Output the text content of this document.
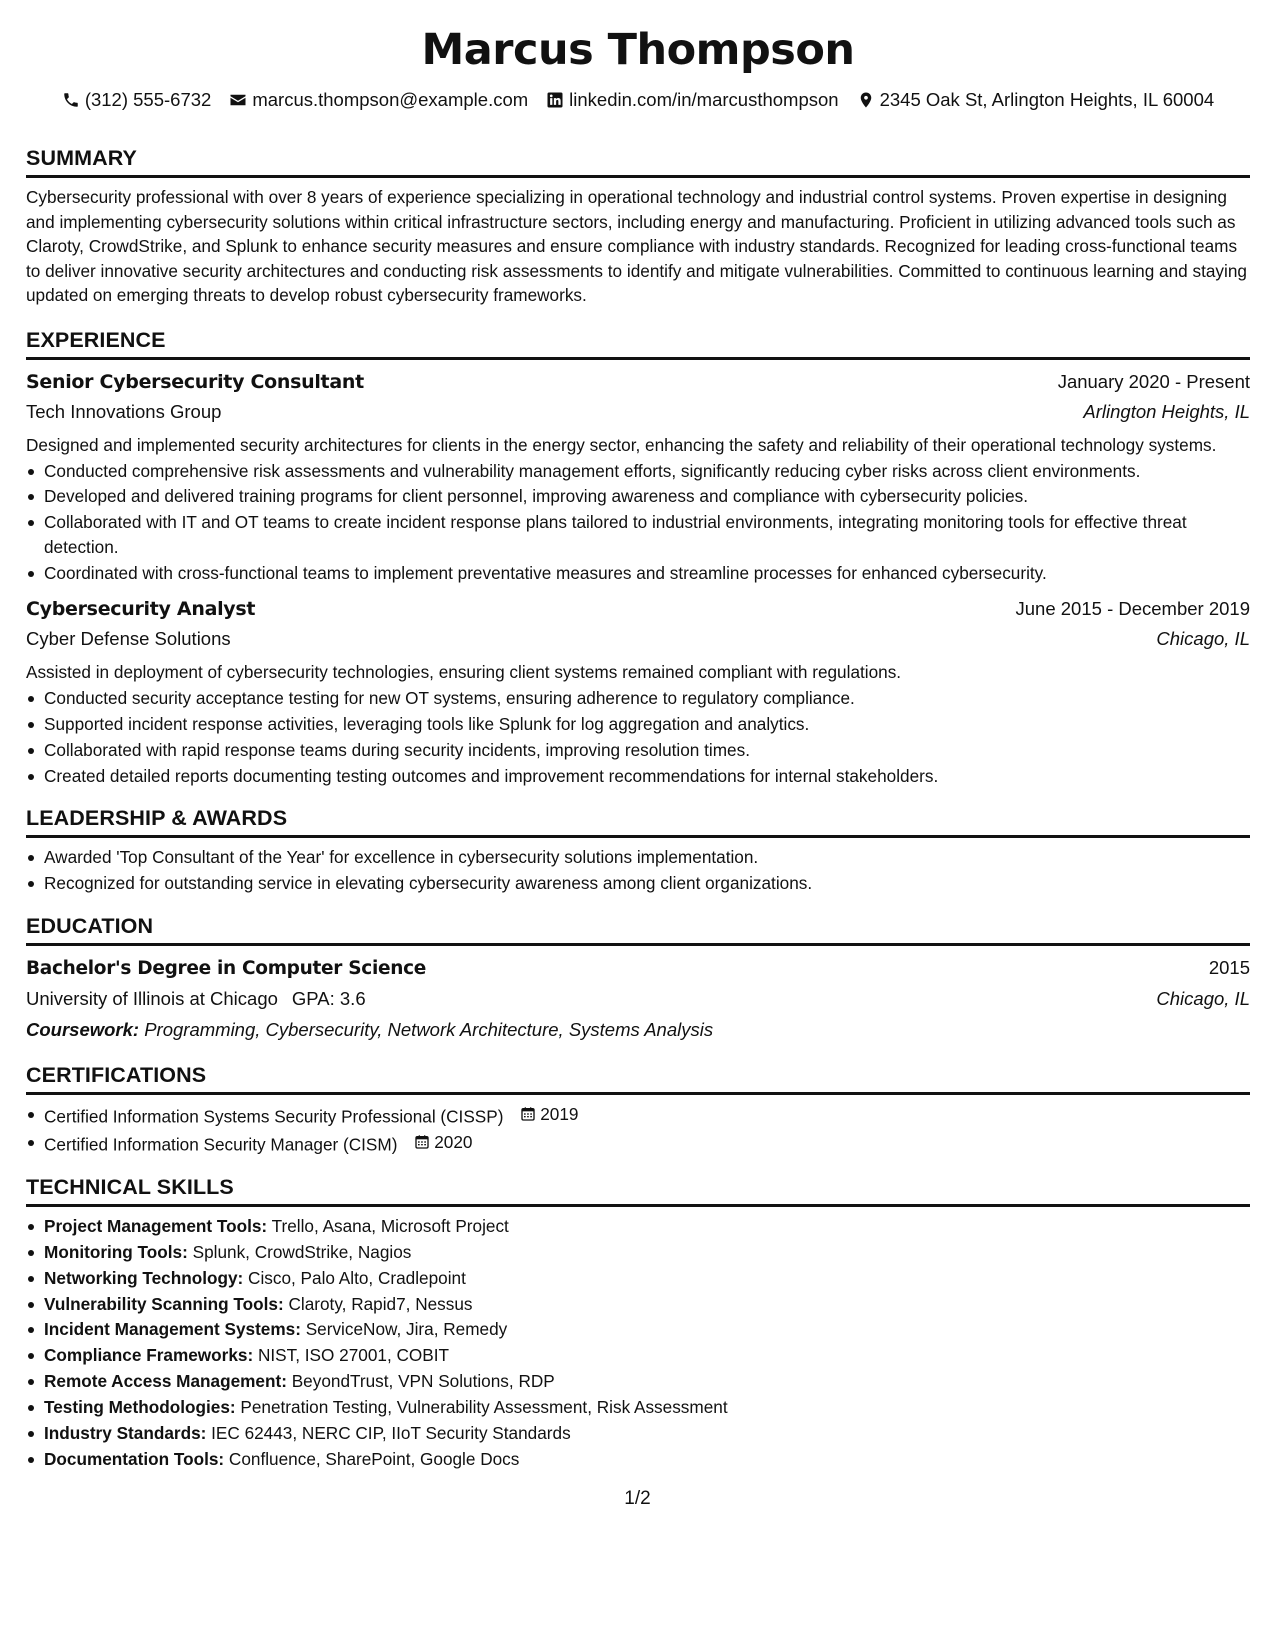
Marcus Thompson
(312) 555-6732 marcus.thompson@example.com linkedin.com/in/marcusthompson 2345 Oak St, Arlington Heights, IL 60004
SUMMARY

Cybersecurity professional with over 8 years of experience specializing in operational technology and industrial control systems. Proven expertise in designing and implementing cybersecurity solutions within critical infrastructure sectors, including energy and manufacturing. Proficient in utilizing advanced tools such as Claroty, CrowdStrike, and Splunk to enhance security measures and ensure compliance with industry standards. Recognized for leading cross-functional teams to deliver innovative security architectures and conducting risk assessments to identify and mitigate vulnerabilities. Committed to continuous learning and staying updated on emerging threats to develop robust cybersecurity frameworks.

EXPERIENCE
Senior Cybersecurity Consultant	January 2020 - Present
Tech Innovations Group	Arlington Heights, IL

Designed and implemented security architectures for clients in the energy sector, enhancing the safety and reliability of their operational technology systems.

Conducted comprehensive risk assessments and vulnerability management efforts, significantly reducing cyber risks across client environments.
Developed and delivered training programs for client personnel, improving awareness and compliance with cybersecurity policies.
Collaborated with IT and OT teams to create incident response plans tailored to industrial environments, integrating monitoring tools for effective threat detection.
Coordinated with cross-functional teams to implement preventative measures and streamline processes for enhanced cybersecurity.
Cybersecurity Analyst	June 2015 - December 2019
Cyber Defense Solutions	Chicago, IL

Assisted in deployment of cybersecurity technologies, ensuring client systems remained compliant with regulations.

Conducted security acceptance testing for new OT systems, ensuring adherence to regulatory compliance.
Supported incident response activities, leveraging tools like Splunk for log aggregation and analytics.
Collaborated with rapid response teams during security incidents, improving resolution times.
Created detailed reports documenting testing outcomes and improvement recommendations for internal stakeholders.
LEADERSHIP & AWARDS
Awarded 'Top Consultant of the Year' for excellence in cybersecurity solutions implementation.
Recognized for outstanding service in elevating cybersecurity awareness among client organizations.
EDUCATION
Bachelor's Degree in Computer Science	2015
University of Illinois at Chicago GPA: 3.6	Chicago, IL
Coursework: Programming, Cybersecurity, Network Architecture, Systems Analysis
CERTIFICATIONS
Certified Information Systems Security Professional (CISSP) 2019
Certified Information Security Manager (CISM) 2020
TECHNICAL SKILLS
Project Management Tools: Trello, Asana, Microsoft Project
Monitoring Tools: Splunk, CrowdStrike, Nagios
Networking Technology: Cisco, Palo Alto, Cradlepoint
Vulnerability Scanning Tools: Claroty, Rapid7, Nessus
Incident Management Systems: ServiceNow, Jira, Remedy
Compliance Frameworks: NIST, ISO 27001, COBIT
Remote Access Management: BeyondTrust, VPN Solutions, RDP
Testing Methodologies: Penetration Testing, Vulnerability Assessment, Risk Assessment
Industry Standards: IEC 62443, NERC CIP, IIoT Security Standards
Documentation Tools: Confluence, SharePoint, Google Docs
1/2
